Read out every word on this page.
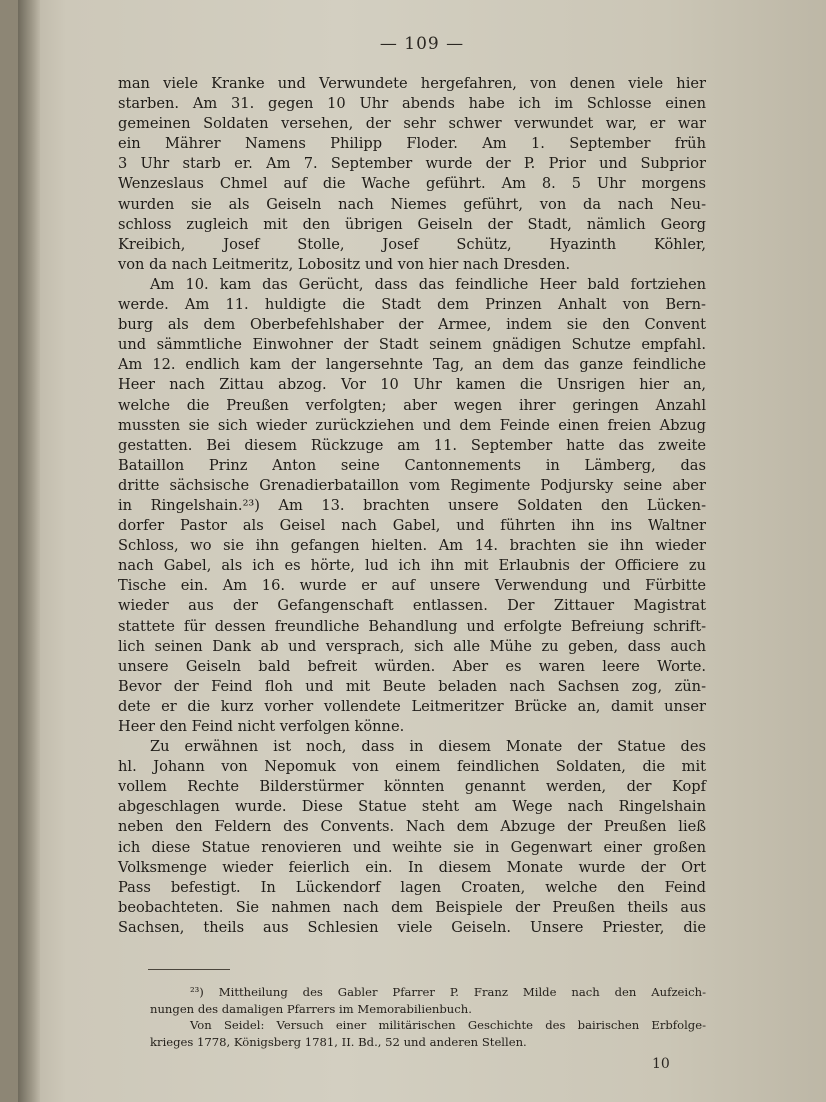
— 109 —
man viele Kranke und Verwundete hergefahren, von denen viele hier
starben. Am 31. gegen 10 Uhr abends habe ich im Schlosse einen
gemeinen Soldaten versehen, der sehr schwer verwundet war, er war
ein Mährer Namens Philipp Floder. Am 1. September früh
3 Uhr starb er. Am 7. September wurde der P. Prior und Subprior
Wenzeslaus Chmel auf die Wache geführt. Am 8. 5 Uhr morgens
wurden sie als Geiseln nach Niemes geführt, von da nach Neu-
schloss zugleich mit den übrigen Geiseln der Stadt, nämlich Georg
Kreibich, Josef Stolle, Josef Schütz, Hyazinth Köhler,
von da nach Leitmeritz, Lobositz und von hier nach Dresden.
Am 10. kam das Gerücht, dass das feindliche Heer bald fortziehen
werde. Am 11. huldigte die Stadt dem Prinzen Anhalt von Bern-
burg als dem Oberbefehlshaber der Armee, indem sie den Convent
und sämmtliche Einwohner der Stadt seinem gnädigen Schutze empfahl.
Am 12. endlich kam der langersehnte Tag, an dem das ganze feindliche
Heer nach Zittau abzog. Vor 10 Uhr kamen die Unsrigen hier an,
welche die Preußen verfolgten; aber wegen ihrer geringen Anzahl
mussten sie sich wieder zurückziehen und dem Feinde einen freien Abzug
gestatten. Bei diesem Rückzuge am 11. September hatte das zweite
Bataillon Prinz Anton seine Cantonnements in Lämberg, das
dritte sächsische Grenadierbataillon vom Regimente Podjursky seine aber
in Ringelshain.²³) Am 13. brachten unsere Soldaten den Lücken-
dorfer Pastor als Geisel nach Gabel, und führten ihn ins Waltner
Schloss, wo sie ihn gefangen hielten. Am 14. brachten sie ihn wieder
nach Gabel, als ich es hörte, lud ich ihn mit Erlaubnis der Officiere zu
Tische ein. Am 16. wurde er auf unsere Verwendung und Fürbitte
wieder aus der Gefangenschaft entlassen. Der Zittauer Magistrat
stattete für dessen freundliche Behandlung und erfolgte Befreiung schrift-
lich seinen Dank ab und versprach, sich alle Mühe zu geben, dass auch
unsere Geiseln bald befreit würden. Aber es waren leere Worte.
Bevor der Feind floh und mit Beute beladen nach Sachsen zog, zün-
dete er die kurz vorher vollendete Leitmeritzer Brücke an, damit unser
Heer den Feind nicht verfolgen könne.
Zu erwähnen ist noch, dass in diesem Monate der Statue des
hl. Johann von Nepomuk von einem feindlichen Soldaten, die mit
vollem Rechte Bilderstürmer könnten genannt werden, der Kopf
abgeschlagen wurde. Diese Statue steht am Wege nach Ringelshain
neben den Feldern des Convents. Nach dem Abzuge der Preußen ließ
ich diese Statue renovieren und weihte sie in Gegenwart einer großen
Volksmenge wieder feierlich ein. In diesem Monate wurde der Ort
Pass befestigt. In Lückendorf lagen Croaten, welche den Feind
beobachteten. Sie nahmen nach dem Beispiele der Preußen theils aus
Sachsen, theils aus Schlesien viele Geiseln. Unsere Priester, die
²³) Mittheilung des Gabler Pfarrer P. Franz Milde nach den Aufzeich-
nungen des damaligen Pfarrers im Memorabilienbuch.
Von Seidel: Versuch einer militärischen Geschichte des bairischen Erbfolge-
krieges 1778, Königsberg 1781, II. Bd., 52 und anderen Stellen.
10
